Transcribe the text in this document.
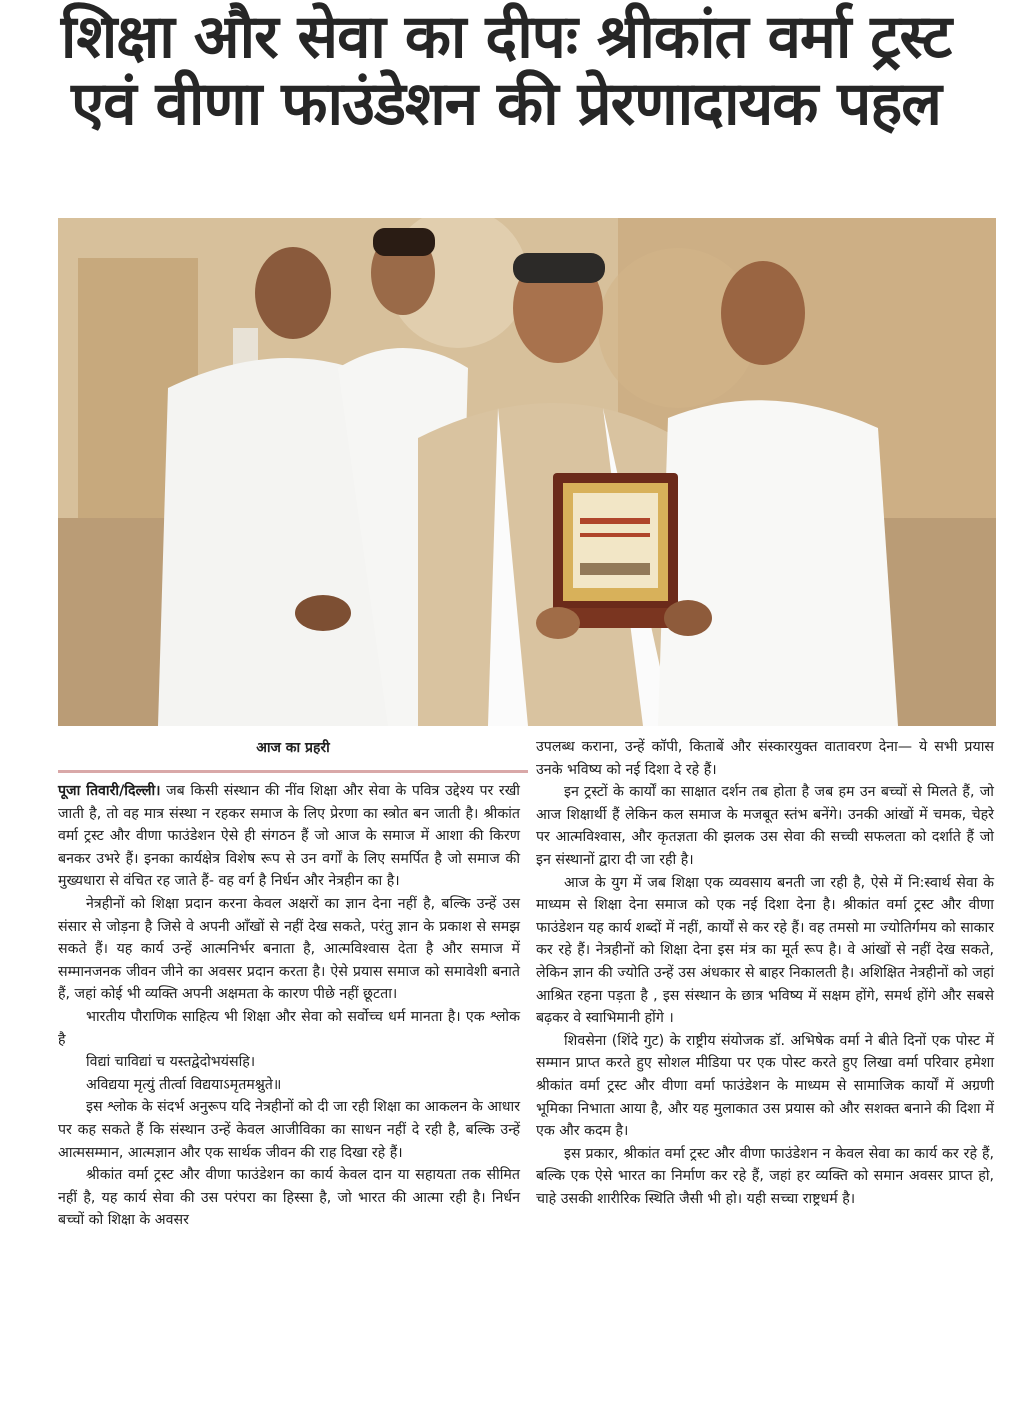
शिक्षा और सेवा का दीपः श्रीकांत वर्मा ट्रस्ट
एवं वीणा फाउंडेशन की प्रेरणादायक पहल
आज का प्रहरी

पूजा तिवारी/दिल्ली। जब किसी संस्थान की नींव शिक्षा और सेवा के पवित्र उद्देश्य पर रखी जाती है, तो वह मात्र संस्था न रहकर समाज के लिए प्रेरणा का स्त्रोत बन जाती है। श्रीकांत वर्मा ट्रस्ट और वीणा फाउंडेशन ऐसे ही संगठन हैं जो आज के समाज में आशा की किरण बनकर उभरे हैं। इनका कार्यक्षेत्र विशेष रूप से उन वर्गों के लिए समर्पित है जो समाज की मुख्यधारा से वंचित रह जाते हैं- वह वर्ग है निर्धन और नेत्रहीन का है।

नेत्रहीनों को शिक्षा प्रदान करना केवल अक्षरों का ज्ञान देना नहीं है, बल्कि उन्हें उस संसार से जोड़ना है जिसे वे अपनी आँखों से नहीं देख सकते, परंतु ज्ञान के प्रकाश से समझ सकते हैं। यह कार्य उन्हें आत्मनिर्भर बनाता है, आत्मविश्वास देता है और समाज में सम्मानजनक जीवन जीने का अवसर प्रदान करता है। ऐसे प्रयास समाज को समावेशी बनाते हैं, जहां कोई भी व्यक्ति अपनी अक्षमता के कारण पीछे नहीं छूटता।

भारतीय पौराणिक साहित्य भी शिक्षा और सेवा को सर्वोच्च धर्म मानता है। एक श्लोक है

विद्यां चाविद्यां च यस्तद्वेदोभयंसहि।

अविद्यया मृत्युं तीर्त्वा विद्ययाऽमृतमश्नुते॥

इस श्लोक के संदर्भ अनुरूप यदि नेत्रहीनों को दी जा रही शिक्षा का आकलन के आधार पर कह सकते हैं कि संस्थान उन्हें केवल आजीविका का साधन नहीं दे रही है, बल्कि उन्हें आत्मसम्मान, आत्मज्ञान और एक सार्थक जीवन की राह दिखा रहे हैं।

श्रीकांत वर्मा ट्रस्ट और वीणा फाउंडेशन का कार्य केवल दान या सहायता तक सीमित नहीं है, यह कार्य सेवा की उस परंपरा का हिस्सा है, जो भारत की आत्मा रही है। निर्धन बच्चों को शिक्षा के अवसर

उपलब्ध कराना, उन्हें कॉपी, किताबें और संस्कारयुक्त वातावरण देना— ये सभी प्रयास उनके भविष्य को नई दिशा दे रहे हैं।

इन ट्रस्टों के कार्यों का साक्षात दर्शन तब होता है जब हम उन बच्चों से मिलते हैं, जो आज शिक्षार्थी हैं लेकिन कल समाज के मजबूत स्तंभ बनेंगे। उनकी आंखों में चमक, चेहरे पर आत्मविश्वास, और कृतज्ञता की झलक उस सेवा की सच्ची सफलता को दर्शाते हैं जो इन संस्थानों द्वारा दी जा रही है।

आज के युग में जब शिक्षा एक व्यवसाय बनती जा रही है, ऐसे में नि:स्वार्थ सेवा के माध्यम से शिक्षा देना समाज को एक नई दिशा देना है। श्रीकांत वर्मा ट्रस्ट और वीणा फाउंडेशन यह कार्य शब्दों में नहीं, कार्यों से कर रहे हैं। वह तमसो मा ज्योतिर्गमय को साकार कर रहे हैं। नेत्रहीनों को शिक्षा देना इस मंत्र का मूर्त रूप है। वे आंखों से नहीं देख सकते, लेकिन ज्ञान की ज्योति उन्हें उस अंधकार से बाहर निकालती है। अशिक्षित नेत्रहीनों को जहां आश्रित रहना पड़ता है , इस संस्थान के छात्र भविष्य में सक्षम होंगे, समर्थ होंगे और सबसे बढ़कर वे स्वाभिमानी होंगे ।

शिवसेना (शिंदे गुट) के राष्ट्रीय संयोजक डॉ. अभिषेक वर्मा ने बीते दिनों एक पोस्ट में सम्मान प्राप्त करते हुए सोशल मीडिया पर एक पोस्ट करते हुए लिखा वर्मा परिवार हमेशा श्रीकांत वर्मा ट्रस्ट और वीणा वर्मा फाउंडेशन के माध्यम से सामाजिक कार्यों में अग्रणी भूमिका निभाता आया है, और यह मुलाकात उस प्रयास को और सशक्त बनाने की दिशा में एक और कदम है।

इस प्रकार, श्रीकांत वर्मा ट्रस्ट और वीणा फाउंडेशन न केवल सेवा का कार्य कर रहे हैं, बल्कि एक ऐसे भारत का निर्माण कर रहे हैं, जहां हर व्यक्ति को समान अवसर प्राप्त हो, चाहे उसकी शारीरिक स्थिति जैसी भी हो। यही सच्चा राष्ट्रधर्म है।
